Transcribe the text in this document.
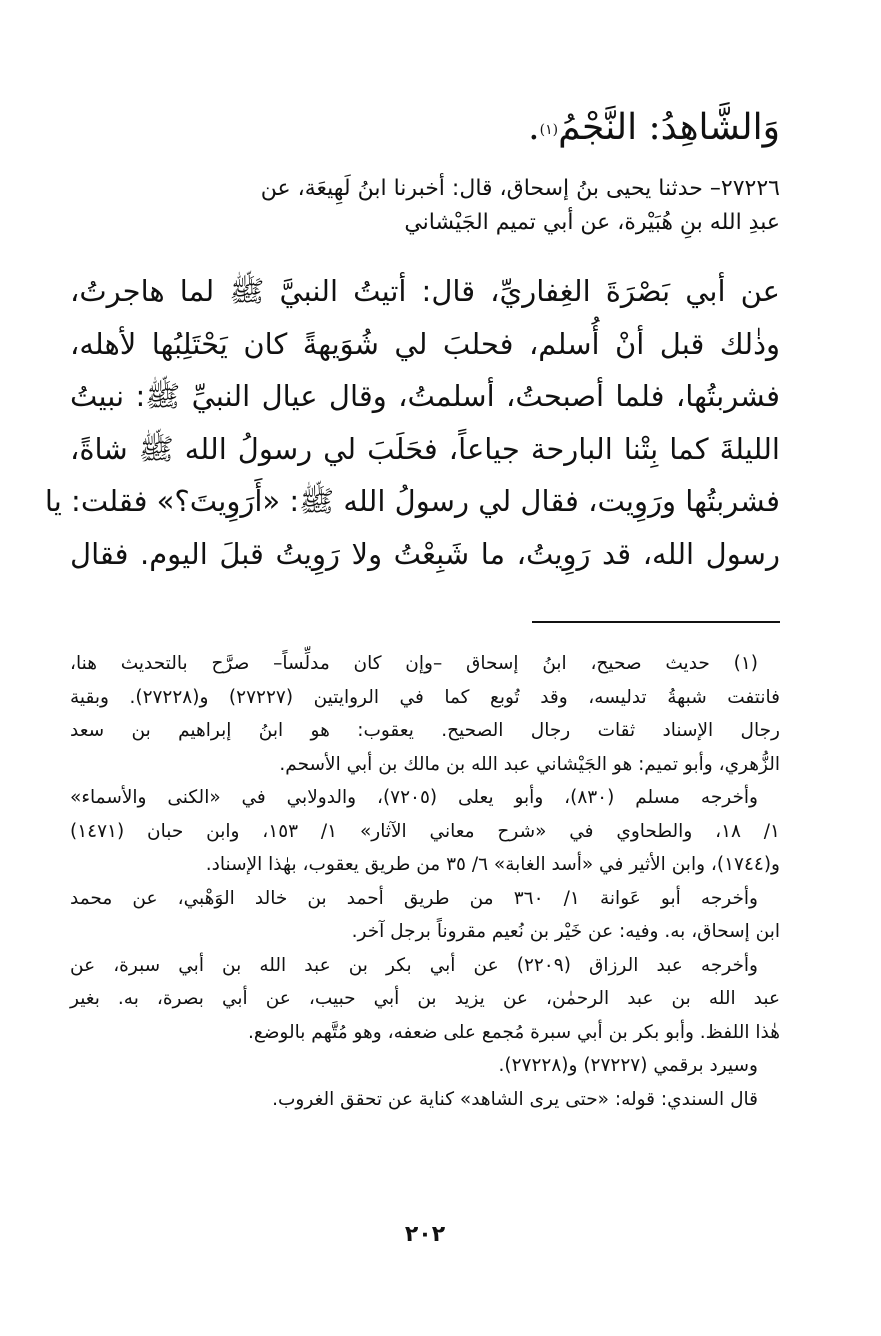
وَالشَّاهِدُ: النَّجْمُ$^{(١)}$.
٢٧٢٢٦– حدثنا يحيى بنُ إسحاق، قال: أخبرنا ابنُ لَهِيعَة، عن
عبدِ الله بنِ هُبَيْرة، عن أبي تميم الجَيْشاني
عن أبي بَصْرَةَ الغِفاريِّ، قال: أتيتُ النبيَّ ﷺ لما هاجرتُ،
وذٰلك قبل أنْ أُسلم، فحلبَ لي شُوَيهةً كان يَحْتَلِبُها لأهله،
فشربتُها، فلما أصبحتُ، أسلمتُ، وقال عيال النبيِّ ﷺ: نبيتُ
الليلةَ كما بِتْنا البارحة جياعاً، فحَلَبَ لي رسولُ الله ﷺ شاةً،
فشربتُها ورَوِيت، فقال لي رسولُ الله ﷺ: «أَرَوِيتَ؟» فقلت: يا
رسول الله، قد رَوِيتُ، ما شَبِعْتُ ولا رَوِيتُ قبلَ اليوم. فقال
(١) حديث صحيح، ابنُ إسحاق –وإن كان مدلِّساً– صرَّح بالتحديث هنا،
فانتفت شبهةُ تدليسه، وقد تُوبع كما في الروايتين (٢٧٢٢٧) و(٢٧٢٢٨). وبقية
رجال الإسناد ثقات رجال الصحيح. يعقوب: هو ابنُ إبراهيم بن سعد
الزُّهري، وأبو تميم: هو الجَيْشاني عبد الله بن مالك بن أبي الأسحم.
وأخرجه مسلم (٨٣٠)، وأبو يعلى (٧٢٠٥)، والدولابي في «الكنى والأسماء»
١/ ١٨، والطحاوي في «شرح معاني الآثار» ١/ ١٥٣، وابن حبان (١٤٧١)
و(١٧٤٤)، وابن الأثير في «أسد الغابة» ٦/ ٣٥ من طريق يعقوب، بهٰذا الإسناد.
وأخرجه أبو عَوانة ١/ ٣٦٠ من طريق أحمد بن خالد الوَهْبي، عن محمد
ابن إسحاق، به. وفيه: عن خَيْر بن نُعيم مقروناً برجل آخر.
وأخرجه عبد الرزاق (٢٢٠٩) عن أبي بكر بن عبد الله بن أبي سبرة، عن
عبد الله بن عبد الرحمٰن، عن يزيد بن أبي حبيب، عن أبي بصرة، به. بغير
هٰذا اللفظ. وأبو بكر بن أبي سبرة مُجمع على ضعفه، وهو مُتَّهم بالوضع.
وسيرد برقمي (٢٧٢٢٧) و(٢٧٢٢٨).
قال السندي: قوله: «حتى يرى الشاهد» كناية عن تحقق الغروب.
٢٠٢
